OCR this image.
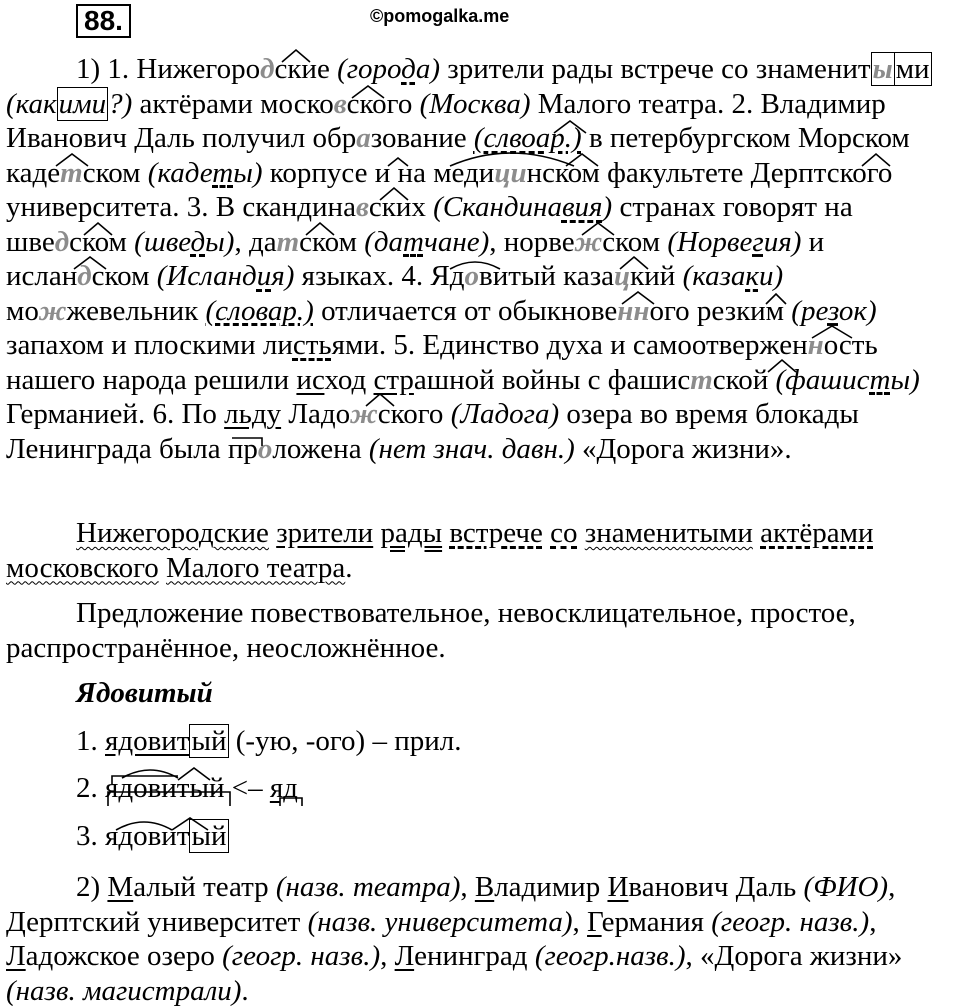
88.	©pomogalka.me
1) 1. Нижегородские (города) зрители рады встрече со знамениты ми
(какими?) актёрами московского (Москва) Малого театра. 2. Владимир
Иванович Даль получил образование (слвоар.) в петербургском Морском
кадетском (кадеты) корпусе и на медицинском факультете Дерптского
университета. 3. В скандинавских (Скандинавия) странах говорят на
шведском (шведы), датском (датчане), норвежском (Норвегия) и
исландском (Исландия) языках. 4. Ядовитый казацкий (казаки)
можжевельник (словар.) отличается от обыкновенного резким (резок)
запахом и плоскими листьями. 5. Единство духа и самоотверженность
нашего народа решили исход страшной войны с фашистской (фашисты)
Германией. 6. По льду Ладожского (Ладога) озера во время блокады
Ленинграда была проложена (нет знач. давн.) «Дорога жизни».
Нижегородские зрители рады встрече со знаменитыми актёрами
московского Малого театра.
Предложение повествовательное, невосклицательное, простое,
распространённое, неосложнённое.
Ядовитый
1. ядовитый (-ую, -ого) – прил.
2. ядовитый <– яд
3. ядовитый
2) Малый театр (назв. театра), Владимир Иванович Даль (ФИО),
Дерптский университет (назв. университета), Германия (геогр. назв.),
Ладожское озеро (геогр. назв.), Ленинград (геогр.назв.), «Дорога жизни»
(назв. магистрали).
